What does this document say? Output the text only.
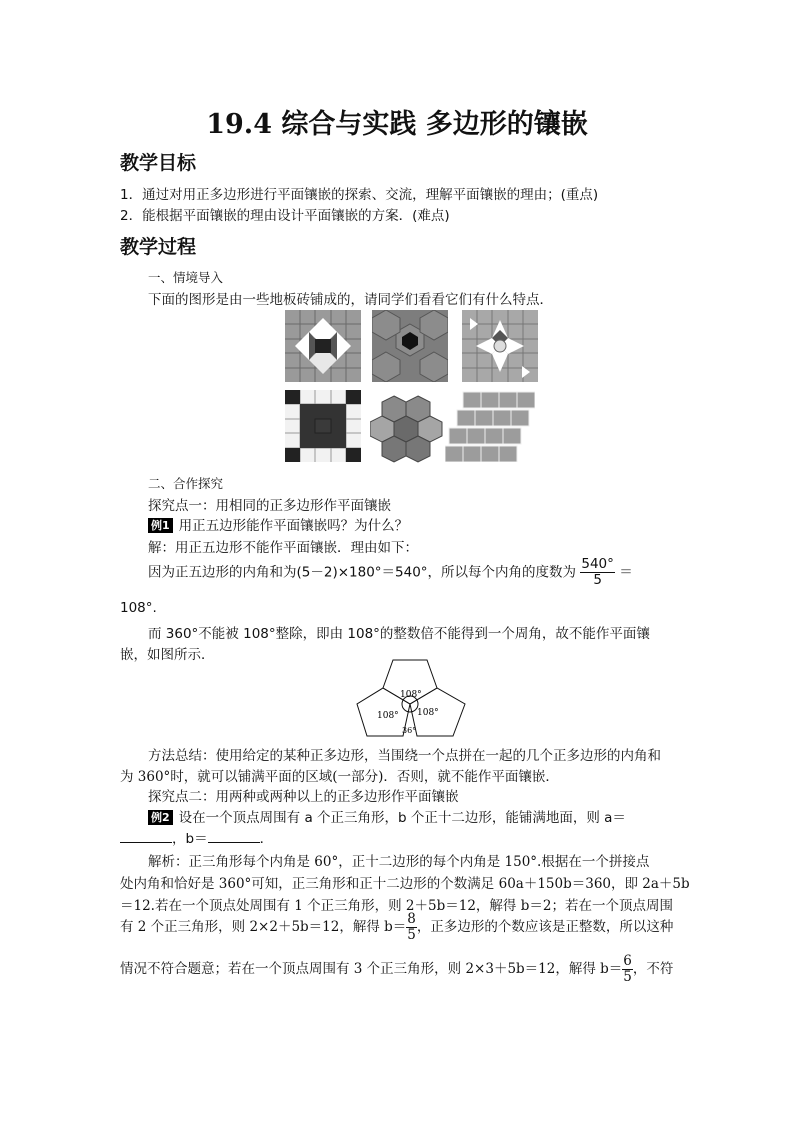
19.4 综合与实践 多边形的镶嵌
教学目标
1．通过对用正多边形进行平面镶嵌的探索、交流，理解平面镶嵌的理由；(重点)
2．能根据平面镶嵌的理由设计平面镶嵌的方案．(难点)
教学过程
一、情境导入
下面的图形是由一些地板砖铺成的，请同学们看看它们有什么特点．
二、合作探究
探究点一：用相同的正多边形作平面镶嵌
例1 用正五边形能作平面镶嵌吗？为什么？
解：用正五边形不能作平面镶嵌．理由如下：
因为正五边形的内角和为(5－2)×180°＝540°，所以每个内角的度数为 $\frac{540^\circ}{5}$ ＝
108°.
而 360°不能被 108°整除，即由 108°的整数倍不能得到一个周角，故不能作平面镶
嵌，如图所示．
108°
108° 108°
36°
方法总结：使用给定的某种正多边形，当围绕一个点拼在一起的几个正多边形的内角和
为 360°时，就可以铺满平面的区域(一部分)．否则，就不能作平面镶嵌．
探究点二：用两种或两种以上的正多边形作平面镶嵌
例2 设在一个顶点周围有 a 个正三角形，b 个正十二边形，能铺满地面，则 a＝
，b＝	．
解析：正三角形每个内角是 60°，正十二边形的每个内角是 150°.根据在一个拼接点
处内角和恰好是 360°可知，正三角形和正十二边形的个数满足 60a＋150b＝360，即 2a＋5b
＝12.若在一个顶点处周围有 1 个正三角形，则 2＋5b＝12，解得 b＝2；若在一个顶点周围
有 2 个正三角形，则 2×2＋5b＝12，解得 $b= \frac{8}{5}$ ，正多边形的个数应该是正整数，所以这种
情况不符合题意；若在一个顶点周围有 3 个正三角形，则 2×3＋5b＝12，解得 $b= \frac{6}{5}$ ，不符
